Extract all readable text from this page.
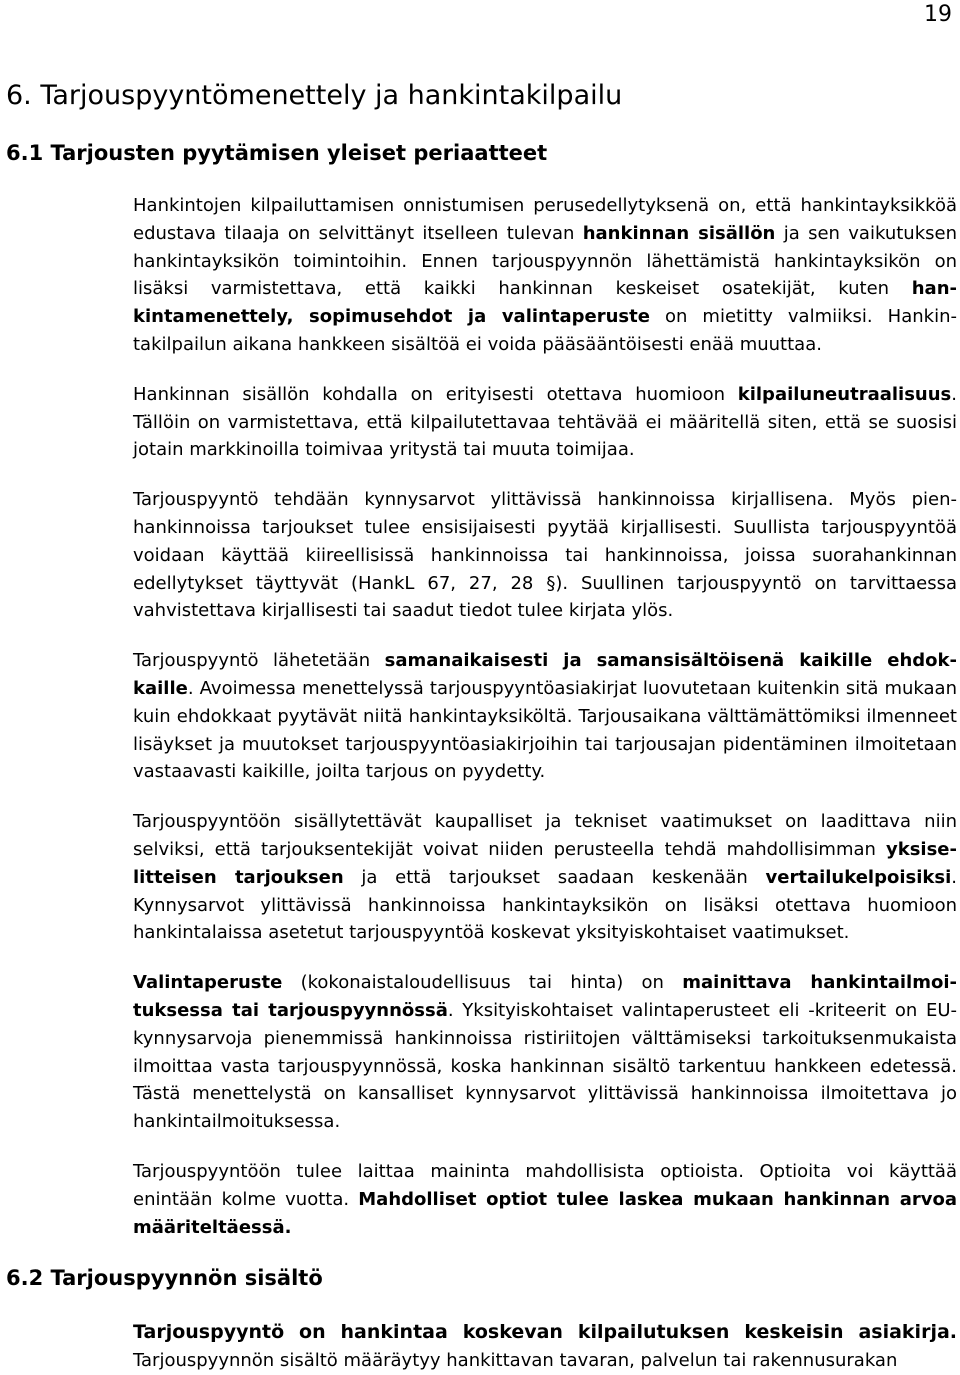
19
6. Tarjouspyyntömenettely ja hankintakilpailu
6.1 Tarjousten pyytämisen yleiset periaatteet

Hankintojen kilpailuttamisen onnistumisen perusedellytyksenä on, että hankintayksikköä edustava tilaaja on selvittänyt itselleen tulevan hankinnan sisällön ja sen vaikutuksen hankintayksikön toimintoihin. Ennen tarjouspyynnön lähettämistä hankintayksikön on lisäksi varmistettava, että kaikki hankinnan keskeiset osatekijät, kuten hankintamenettely, sopimusehdot ja valintaperuste on mietitty valmiiksi. Hankintakilpailun aikana hankkeen sisältöä ei voida pääsääntöisesti enää muuttaa.

Hankinnan sisällön kohdalla on erityisesti otettava huomioon kilpailuneutraalisuus. Tällöin on varmistettava, että kilpailutettavaa tehtävää ei määritellä siten, että se suosisi jotain markkinoilla toimivaa yritystä tai muuta toimijaa.

Tarjouspyyntö tehdään kynnysarvot ylittävissä hankinnoissa kirjallisena. Myös pienhankinnoissa tarjoukset tulee ensisijaisesti pyytää kirjallisesti. Suullista tarjouspyyntöä voidaan käyttää kiireellisissä hankinnoissa tai hankinnoissa, joissa suorahankinnan edellytykset täyttyvät (HankL 67, 27, 28 §). Suullinen tarjouspyyntö on tarvittaessa vahvistettava kirjallisesti tai saadut tiedot tulee kirjata ylös.

Tarjouspyyntö lähetetään samanaikaisesti ja samansisältöisenä kaikille ehdokkaille. Avoimessa menettelyssä tarjouspyyntöasiakirjat luovutetaan kuitenkin sitä mukaan kuin ehdokkaat pyytävät niitä hankintayksiköltä. Tarjousaikana välttämättömiksi ilmenneet lisäykset ja muutokset tarjouspyyntöasiakirjoihin tai tarjousajan pidentäminen ilmoitetaan vastaavasti kaikille, joilta tarjous on pyydetty.

Tarjouspyyntöön sisällytettävät kaupalliset ja tekniset vaatimukset on laadittava niin selviksi, että tarjouksentekijät voivat niiden perusteella tehdä mahdollisimman yksiselitteisen tarjouksen ja että tarjoukset saadaan keskenään vertailukelpoisiksi. Kynnysarvot ylittävissä hankinnoissa hankintayksikön on lisäksi otettava huomioon hankintalaissa asetetut tarjouspyyntöä koskevat yksityiskohtaiset vaatimukset.

Valintaperuste (kokonaistaloudellisuus tai hinta) on mainittava hankintailmoituksessa tai tarjouspyynnössä. Yksityiskohtaiset valintaperusteet eli -kriteerit on EU-kynnysarvoja pienemmissä hankinnoissa ristiriitojen välttämiseksi tarkoituksenmukaista ilmoittaa vasta tarjouspyynnössä, koska hankinnan sisältö tarkentuu hankkeen edetessä. Tästä menettelystä on kansalliset kynnysarvot ylittävissä hankinnoissa ilmoitettava jo hankintailmoituksessa.

Tarjouspyyntöön tulee laittaa maininta mahdollisista optioista. Optioita voi käyttää enintään kolme vuotta. Mahdolliset optiot tulee laskea mukaan hankinnan arvoa määriteltäessä.

6.2 Tarjouspyynnön sisältö

Tarjouspyyntö on hankintaa koskevan kilpailutuksen keskeisin asiakirja. Tarjouspyynnön sisältö määräytyy hankittavan tavaran, palvelun tai rakennusurakan
